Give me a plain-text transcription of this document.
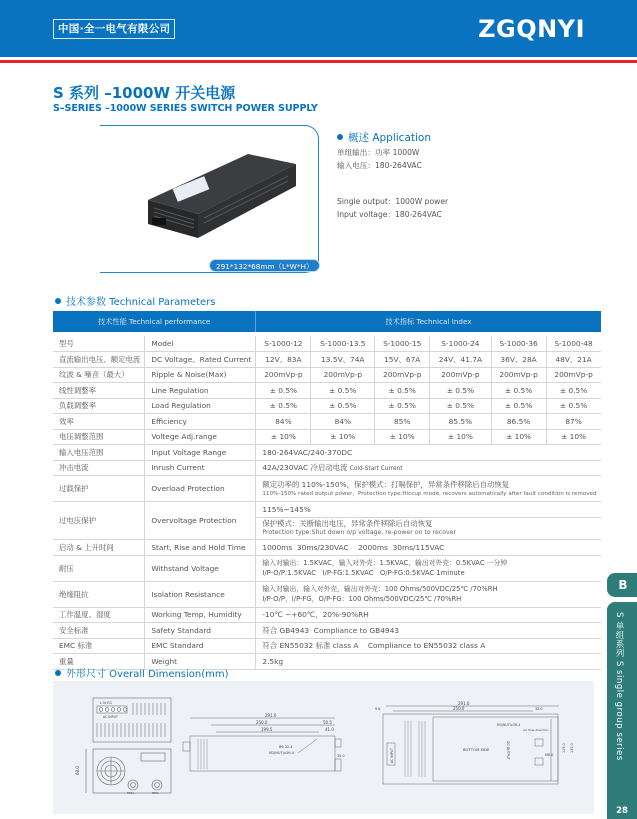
中国·全一电气有限公司	ZGQNYI
S 系列 –1000W 开关电源
S–SERIES –1000W SERIES SWITCH POWER SUPPLY
291*132*68mm（L*W*H）
概述 Application
单组输出：功率 1000W
输入电压：180-264VAC
Single output：1000W power
Input voltage：180-264VAC
技术参数 Technical Parameters
技术性能 Technical performance		技术指标 Technical Index					

型号	Model	S-1000-12	S-1000-13.5	S-1000-15	S-1000-24	S-1000-36	S-1000-48
直流输出电压、额定电流	DC Voltage、Rated Current	12V、83A	13.5V、74A	15V、67A	24V、41.7A	36V、28A	48V、21A
纹波 & 噪音（最大）	Ripple & Noise(Max)	200mVp-p	200mVp-p	200mVp-p	200mVp-p	200mVp-p	200mVp-p
线性调整率	Line Regulation	± 0.5%	± 0.5%	± 0.5%	± 0.5%	± 0.5%	± 0.5%
负载调整率	Load Regulation	± 0.5%	± 0.5%	± 0.5%	± 0.5%	± 0.5%	± 0.5%
效率	Efficiency	84%	84%	85%	85.5%	86.5%	87%
电压调整范围	Voltege Adj.range	± 10%	± 10%	± 10%	± 10%	± 10%	± 10%
输入电压范围	Input Voltage Range	180-264VAC/240-370DC					
冲击电流	Inrush Current	42A/230VAC 冷启动电流 Cold-Start Current					
过载保护	Overload Protection	额定功率的 110%-150%，保护模式：打嗝保护，异常条件移除后自动恢复
110%-150% rated output power，Protection type:Hiccup mode, recovers automatically after fault condition is removed					

过电压保护	Overvoltage Protection	115%~145%
保护模式：关断输出电压，异常条件移除后自动恢复
Protection type:Shut down o/p voltage, re-power on to recover					

启动 & 上升时间	Start, Rise and Hold Time	1000ms  30ms/230VAC    2000ms  30ms/115VAC					
耐压	Withstand Voltage	输入对输出：1.5KVAC，输入对外壳：1.5KVAC，输出对外壳：0.5KVAC 一分钟
I/P-O/P:1.5KVAC   I/P-FG:1.5KVAC   O/P-FG:0.5KVAC 1minute					

绝缘阻抗	Isolation Resistance	输入对输出，输入对外壳，输出对外壳：100 Ohms/500VDC/25℃ /70%RH
I/P-O/P，I/P-FG，O/P-FG：100 Ohms/500VDC/25℃ /70%RH					

工作温度、湿度	Working Temp, Humidity	-10℃ ~+60℃，20%-90%RH					
安全标准	Safety Standard	符合 GB4943  Compliance to GB4943					
EMC 标准	EMC Standard	符合 EN55032 标准 class A    Compliance to EN55032 class A					
重量	Weight	2.5kg					
外形尺寸 Overall Dimension(mm)
L N FG
AC INPUT
68.0
POS+	NEG-
291.0
250.0
199.5
50.5
41.0
B6-32-4
M3(NUT)x3H-4
30.0
291.0
250.0
9.8	32.0
M3(NUT)x3H-4
Air flow direction
BOTTOM SIDE
AC INPUT	DC OUTPUT	M8.0
115.0 132.0
B
S 单组系列 S single group series
28
